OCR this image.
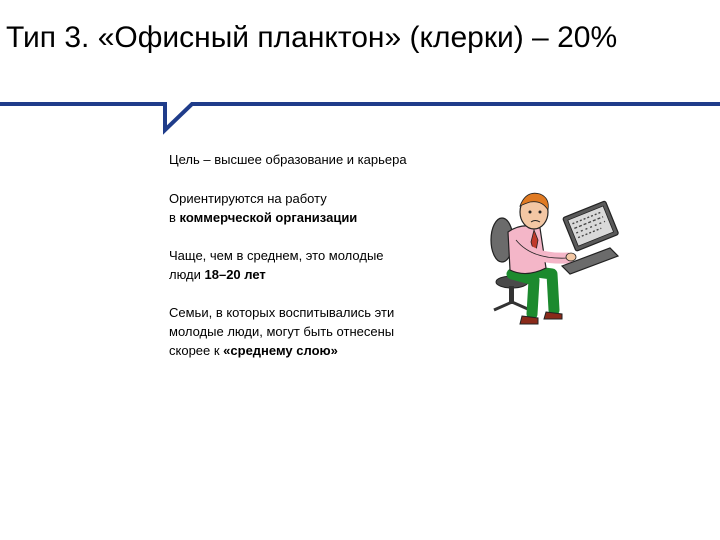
Тип 3. «Офисный планктон» (клерки) – 20%

Цель – высшее образование и карьера

Ориентируются на работу
в коммерческой организации

Чаще, чем в среднем, это молодые
люди 18–20 лет

Семьи, в которых воспитывались эти
молодые люди, могут быть отнесены
скорее к «среднему слою»
